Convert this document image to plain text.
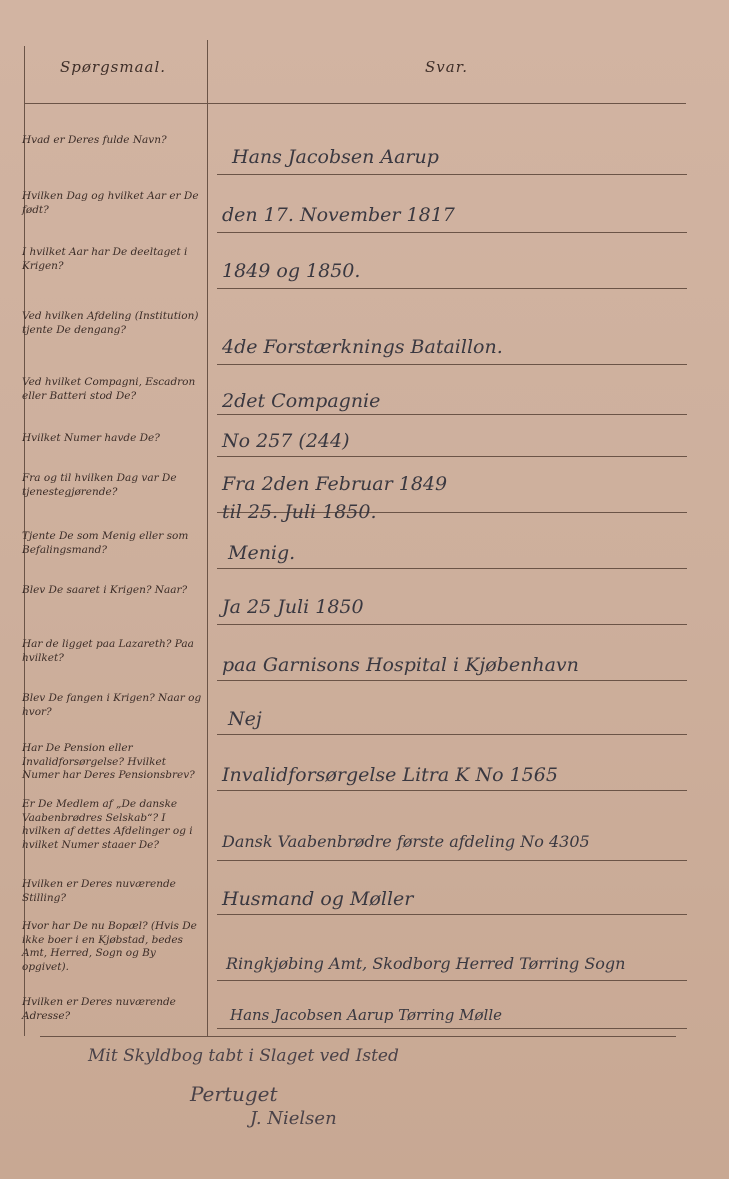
Spørgsmaal.	Svar.
Hvad er Deres fulde Navn?
Hvilken Dag og hvilket Aar er De født?
I hvilket Aar har De deeltaget i Krigen?
Ved hvilken Afdeling (Institution) tjente De dengang?
Ved hvilket Compagni, Escadron eller Batteri stod De?
Hvilket Numer havde De?
Fra og til hvilken Dag var De tjenestegjørende?
Tjente De som Menig eller som Befalingsmand?
Blev De saaret i Krigen? Naar?
Har de ligget paa Lazareth? Paa hvilket?
Blev De fangen i Krigen? Naar og hvor?
Har De Pension eller Invalidforsørgelse? Hvilket Numer har Deres Pensionsbrev?
Er De Medlem af „De danske Vaabenbrødres Selskab“? I hvilken af dettes Afdelinger og i hvilket Numer staaer De?
Hvilken er Deres nuværende Stilling?
Hvor har De nu Bopæl? (Hvis De ikke boer i en Kjøbstad, bedes Amt, Herred, Sogn og By opgivet).
Hvilken er Deres nuværende Adresse?
Hans Jacobsen Aarup
den 17. November 1817
1849 og 1850.
4de Forstærknings Bataillon.
2det Compagnie
No 257 (244)
Fra 2den Februar 1849 til 25. Juli 1850.
Menig.
Ja 25 Juli 1850
paa Garnisons Hospital i Kjøbenhavn
Nej
Invalidforsørgelse Litra K No 1565
Dansk Vaabenbrødre første afdeling No 4305
Husmand og Møller
Ringkjøbing Amt, Skodborg Herred Tørring Sogn
Hans Jacobsen Aarup Tørring Mølle
Mit Skyldbog tabt i Slaget ved Isted
Pertuget
J. Nielsen
